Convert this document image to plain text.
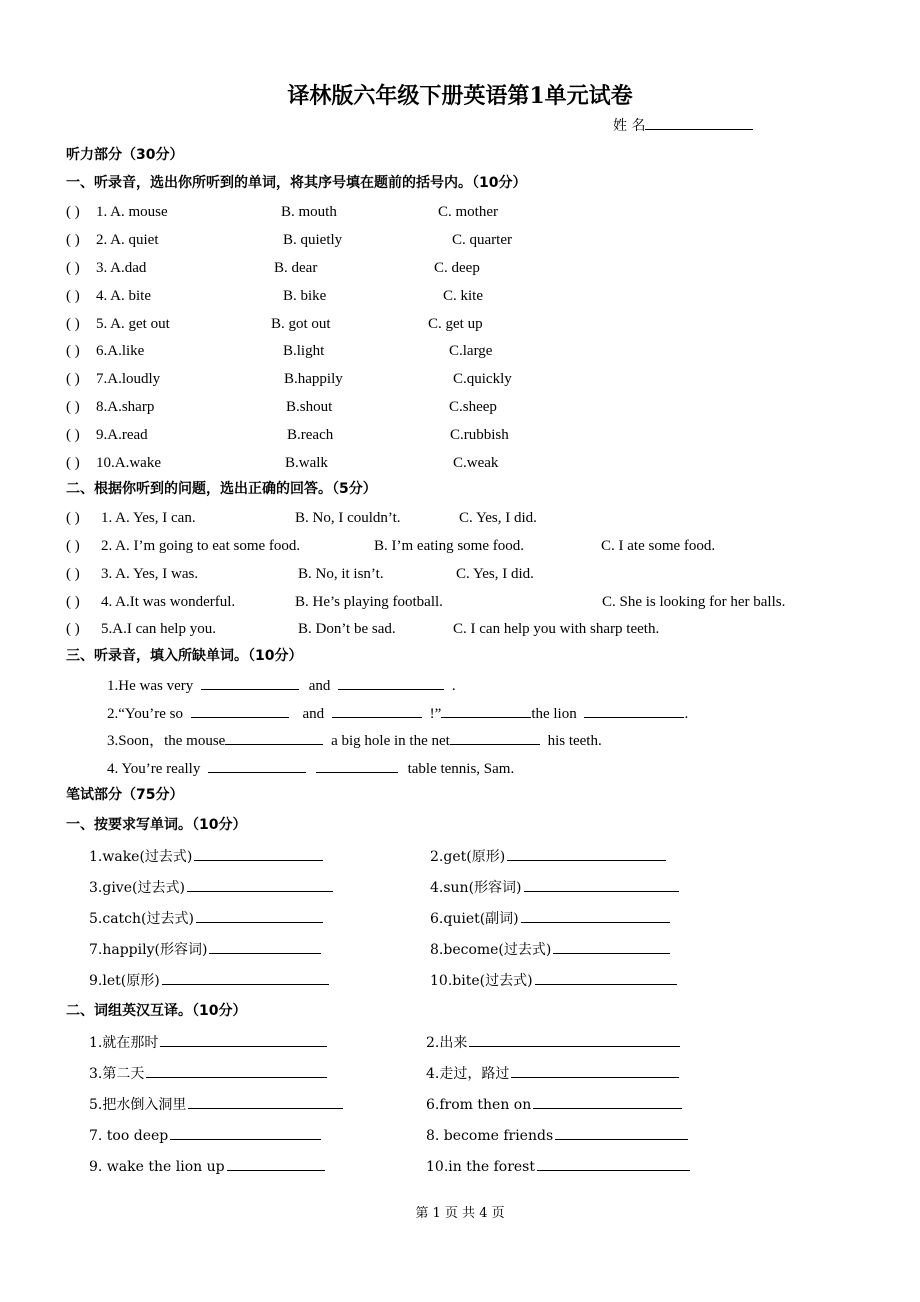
译林版六年级下册英语第1单元试卷
姓 名
听力部分（30分）
一、听录音，选出你所听到的单词，将其序号填在题前的括号内。（10分）
( ) 1. A. mouse	B. mouth	C. mother
( ) 2. A. quiet	B. quietly	C. quarter
( ) 3. A.dad	B. dear	C. deep
( ) 4. A. bite	B. bike	C. kite
( ) 5. A. get out	B. got out	C. get up
( ) 6.A.like	B.light	C.large
( ) 7.A.loudly	B.happily	C.quickly
( ) 8.A.sharp	B.shout	C.sheep
( ) 9.A.read	B.reach	C.rubbish
( ) 10.A.wake	B.walk	C.weak
二、根据你听到的问题，选出正确的回答。（5分）
( ) 1. A. Yes, I can.	B. No, I couldn’t.	C. Yes, I did.
( ) 2. A. I’m going to eat some food.	B. I’m eating some food.	C. I ate some food.
( ) 3. A. Yes, I was.	B. No, it isn’t.	C. Yes, I did.
( ) 4. A.It was wonderful.	B. He’s playing football.	C. She is looking for her balls.
( ) 5.A.I can help you.	B. Don’t be sad.	C. I can help you with sharp teeth.
三、听录音，填入所缺单词。（10分）
1.He was very	and	.
2.“You’re so	and	!”	the lion	.
3.Soon，the mouse	a big hole in the net	his teeth.
4. You’re really	table tennis, Sam.
笔试部分（75分）
一、按要求写单词。（10分）
1.wake(过去式)	2.get(原形)
3.give(过去式)	4.sun(形容词)
5.catch(过去式)	6.quiet(副词)
7.happily(形容词)	8.become(过去式)
9.let(原形)	10.bite(过去式)
二、词组英汉互译。（10分）
1.就在那时	2.出来
3.第二天	4.走过，路过
5.把水倒入洞里	6.from then on
7. too deep	8. become friends
9. wake the lion up	10.in the forest
第 1 页 共 4 页
